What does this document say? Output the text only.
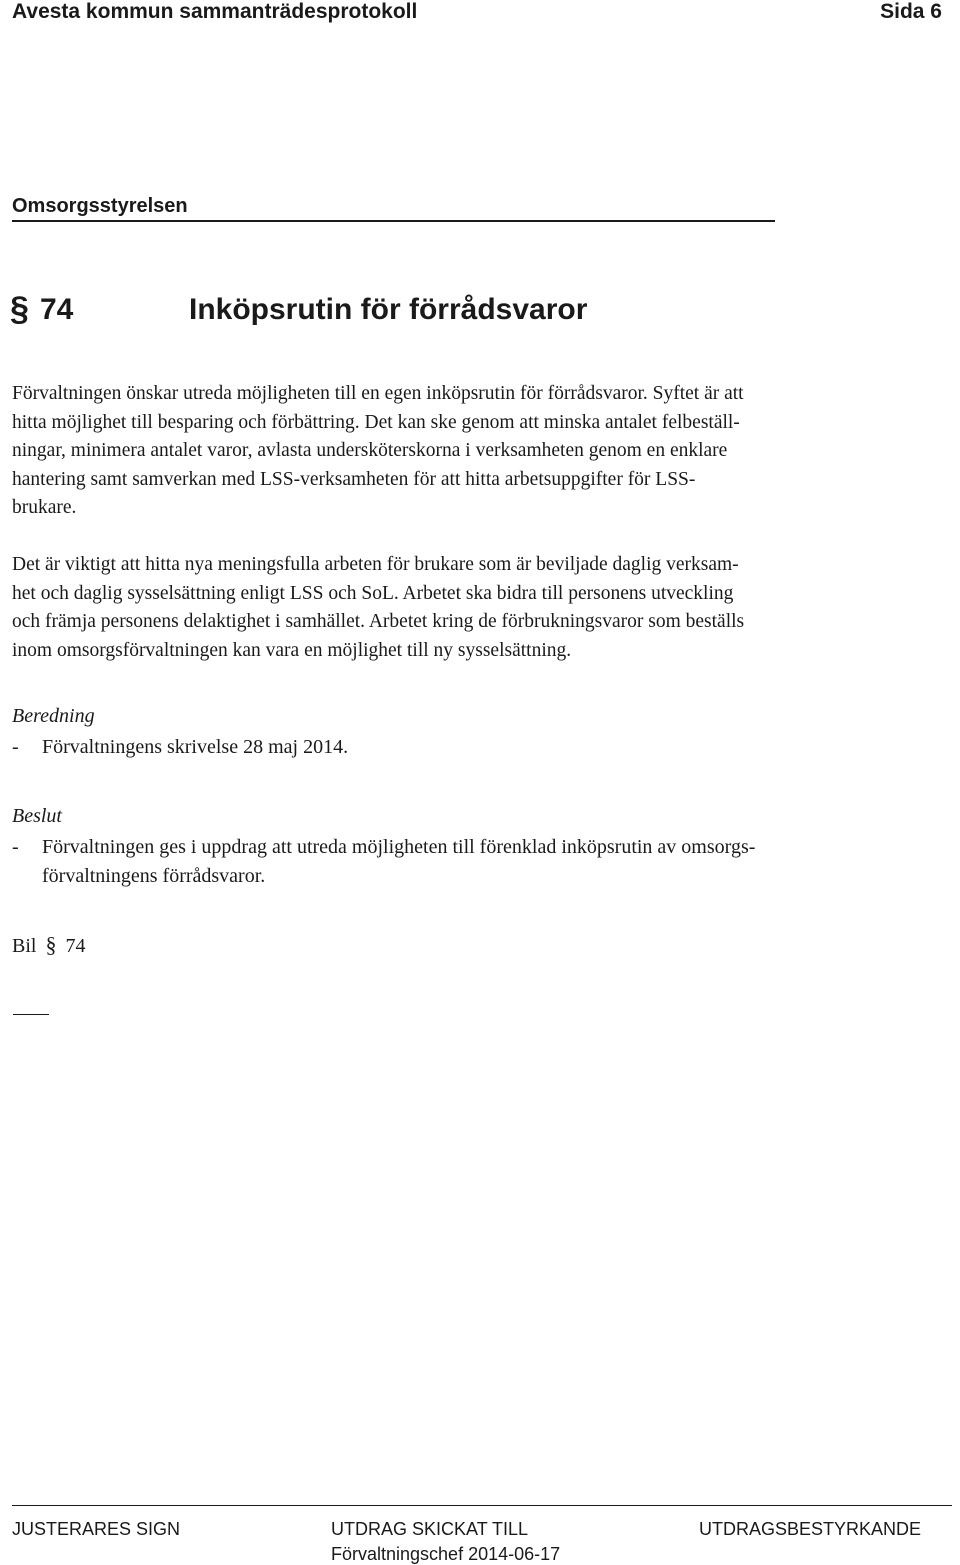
Avesta kommun sammanträdesprotokoll	Sida 6
Omsorgsstyrelsen
§ 74	Inköpsrutin för förrådsvaror
Förvaltningen önskar utreda möjligheten till en egen inköpsrutin för förrådsvaror. Syftet är att
hitta möjlighet till besparing och förbättring. Det kan ske genom att minska antalet felbeställ-
ningar, minimera antalet varor, avlasta undersköterskorna i verksamheten genom en enklare
hantering samt samverkan med LSS-verksamheten för att hitta arbetsuppgifter för LSS-
brukare.
Det är viktigt att hitta nya meningsfulla arbeten för brukare som är beviljade daglig verksam-
het och daglig sysselsättning enligt LSS och SoL. Arbetet ska bidra till personens utveckling
och främja personens delaktighet i samhället. Arbetet kring de förbrukningsvaror som beställs
inom omsorgsförvaltningen kan vara en möjlighet till ny sysselsättning.
Beredning
- Förvaltningens skrivelse 28 maj 2014.
Beslut
- Förvaltningen ges i uppdrag att utreda möjligheten till förenklad inköpsrutin av omsorgs-
förvaltningens förrådsvaror.
Bil § 74
JUSTERARES SIGN	UTDRAG SKICKAT TILL	UTDRAGSBESTYRKANDE
Förvaltningschef 2014-06-17
